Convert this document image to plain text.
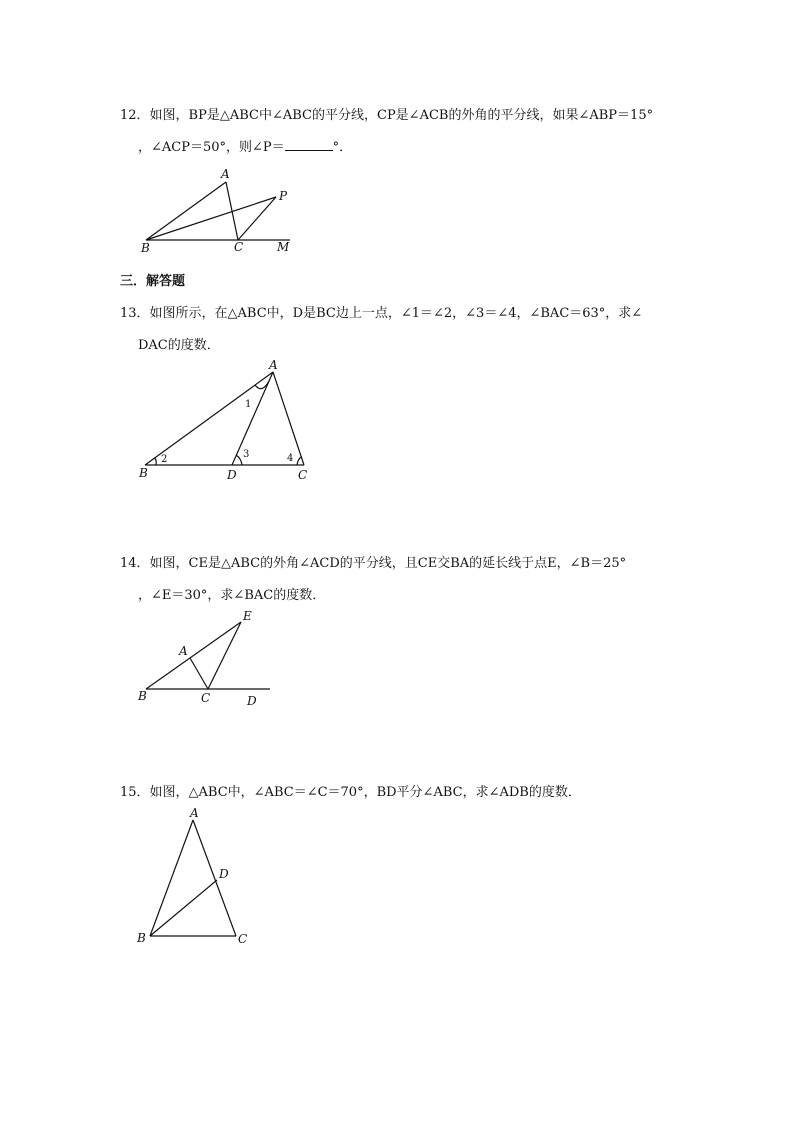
12．如图，BP是△ABC中∠ABC的平分线，CP是∠ACB的外角的平分线，如果∠ABP＝15°
，∠ACP＝50°，则∠P＝	°．
A
B	C
P
M
三．解答题
13．如图所示，在△ABC中，D是BC边上一点，∠1＝∠2，∠3＝∠4，∠BAC＝63°，求∠
DAC的度数．
A
B	C
D
1
2	3	4
14．如图，CE是△ABC的外角∠ACD的平分线，且CE交BA的延长线于点E，∠B＝25°
，∠E＝30°，求∠BAC的度数．
A
B	C	D
E
15．如图，△ABC中，∠ABC＝∠C＝70°，BD平分∠ABC，求∠ADB的度数．
A
B	C
D
